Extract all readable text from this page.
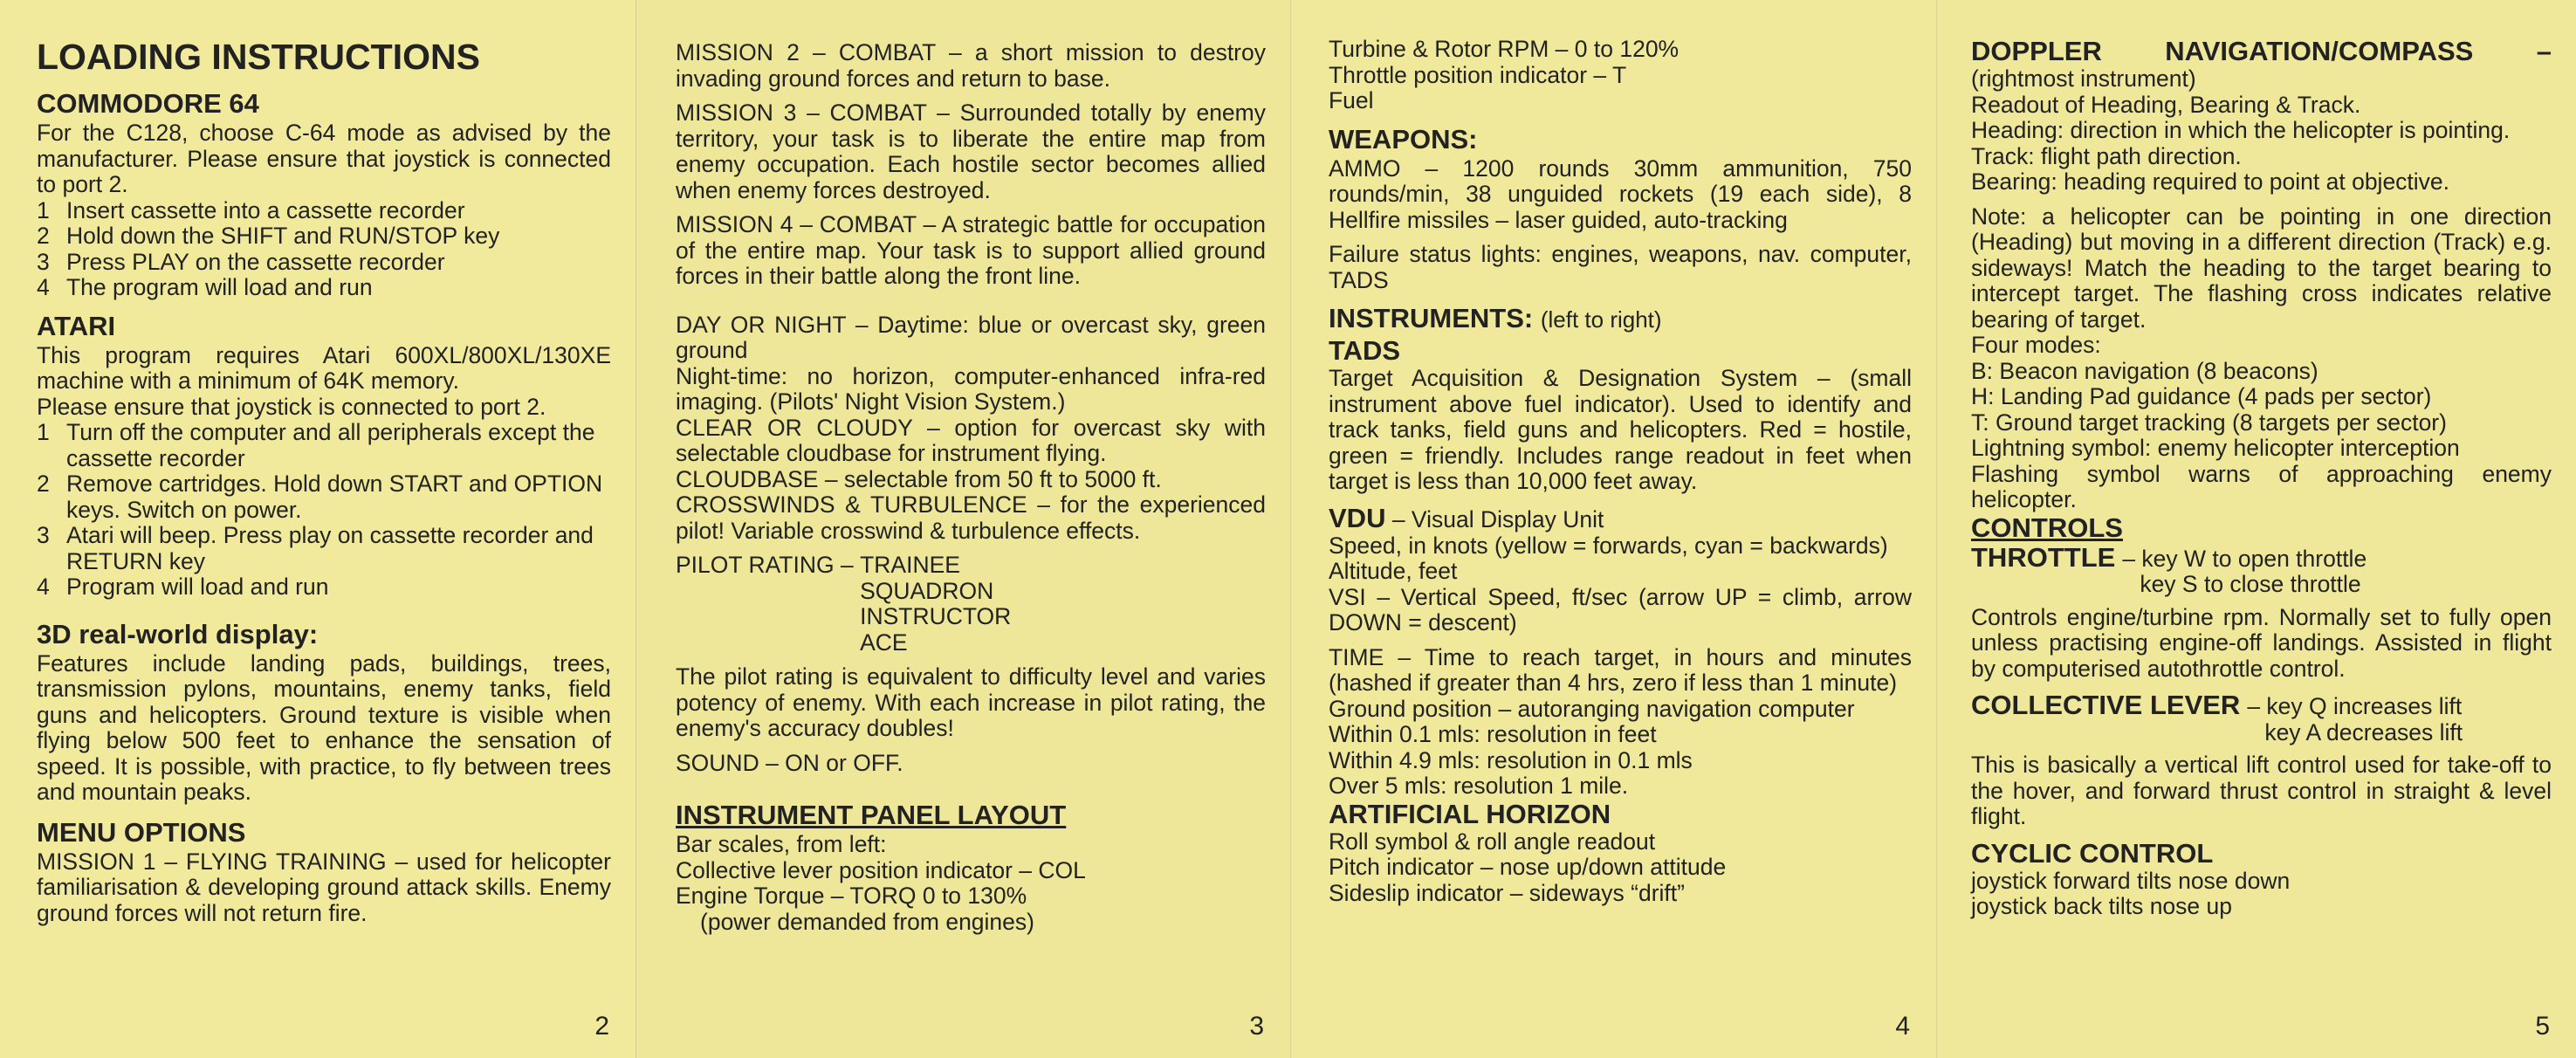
LOADING INSTRUCTIONS
COMMODORE 64

For the C128, choose C-64 mode as advised by the manufacturer. Please ensure that joystick is connected to port 2.

1 Insert cassette into a cassette recorder
2 Hold down the SHIFT and RUN/STOP key
3 Press PLAY on the cassette recorder
4 The program will load and run
ATARI

This program requires Atari 600XL/800XL/130XE machine with a minimum of 64K memory.

Please ensure that joystick is connected to port 2.

1 Turn off the computer and all peripherals except the cassette recorder
2 Remove cartridges. Hold down START and OPTION keys. Switch on power.
3 Atari will beep. Press play on cassette recorder and RETURN key
4 Program will load and run
3D real-world display:

Features include landing pads, buildings, trees, transmission pylons, mountains, enemy tanks, field guns and helicopters. Ground texture is visible when flying below 500 feet to enhance the sensation of speed. It is possible, with practice, to fly between trees and mountain peaks.

MENU OPTIONS

MISSION 1 – FLYING TRAINING – used for helicopter familiarisation & developing ground attack skills. Enemy ground forces will not return fire.

2

MISSION 2 – COMBAT – a short mission to destroy invading ground forces and return to base.

MISSION 3 – COMBAT – Surrounded totally by enemy territory, your task is to liberate the entire map from enemy occupation. Each hostile sector becomes allied when enemy forces destroyed.

MISSION 4 – COMBAT – A strategic battle for occupation of the entire map. Your task is to support allied ground forces in their battle along the front line.

DAY OR NIGHT – Daytime: blue or overcast sky, green ground

Night-time: no horizon, computer-enhanced infra-red imaging. (Pilots' Night Vision System.)

CLEAR OR CLOUDY – option for overcast sky with selectable cloudbase for instrument flying.

CLOUDBASE – selectable from 50 ft to 5000 ft.

CROSSWINDS & TURBULENCE – for the experienced pilot! Variable crosswind & turbulence effects.

PILOT RATING – TRAINEE
SQUADRON
INSTRUCTOR
ACE

The pilot rating is equivalent to difficulty level and varies potency of enemy. With each increase in pilot rating, the enemy's accuracy doubles!

SOUND – ON or OFF.

INSTRUMENT PANEL LAYOUT

Bar scales, from left:

Collective lever position indicator – COL

Engine Torque – TORQ 0 to 130%

(power demanded from engines)

3

Turbine & Rotor RPM – 0 to 120%

Throttle position indicator – T

Fuel

WEAPONS:

AMMO – 1200 rounds 30mm ammunition, 750 rounds/min, 38 unguided rockets (19 each side), 8 Hellfire missiles – laser guided, auto-tracking

Failure status lights: engines, weapons, nav. computer, TADS

INSTRUMENTS: (left to right)
TADS

Target Acquisition & Designation System – (small instrument above fuel indicator). Used to identify and track tanks, field guns and helicopters. Red = hostile, green = friendly. Includes range readout in feet when target is less than 10,000 feet away.

VDU – Visual Display Unit

Speed, in knots (yellow = forwards, cyan = backwards)

Altitude, feet

VSI – Vertical Speed, ft/sec (arrow UP = climb, arrow DOWN = descent)

TIME – Time to reach target, in hours and minutes (hashed if greater than 4 hrs, zero if less than 1 minute)

Ground position – autoranging navigation computer

Within 0.1 mls: resolution in feet

Within 4.9 mls: resolution in 0.1 mls

Over 5 mls: resolution 1 mile.

ARTIFICIAL HORIZON

Roll symbol & roll angle readout

Pitch indicator – nose up/down attitude

Sideslip indicator – sideways “drift”

4
DOPPLER NAVIGATION/COMPASS –

(rightmost instrument)

Readout of Heading, Bearing & Track.

Heading: direction in which the helicopter is pointing.

Track: flight path direction.

Bearing: heading required to point at objective.

Note: a helicopter can be pointing in one direction (Heading) but moving in a different direction (Track) e.g. sideways! Match the heading to the target bearing to intercept target. The flashing cross indicates relative bearing of target.

Four modes:

B: Beacon navigation (8 beacons)

H: Landing Pad guidance (4 pads per sector)

T: Ground target tracking (8 targets per sector)

Lightning symbol: enemy helicopter interception

Flashing symbol warns of approaching enemy helicopter.

CONTROLS
THROTTLE – key W to open throttle
key S to close throttle

Controls engine/turbine rpm. Normally set to fully open unless practising engine-off landings. Assisted in flight by computerised autothrottle control.

COLLECTIVE LEVER – key Q increases lift
key A decreases lift

This is basically a vertical lift control used for take-off to the hover, and forward thrust control in straight & level flight.

CYCLIC CONTROL

joystick forward tilts nose down

joystick back tilts nose up

5
